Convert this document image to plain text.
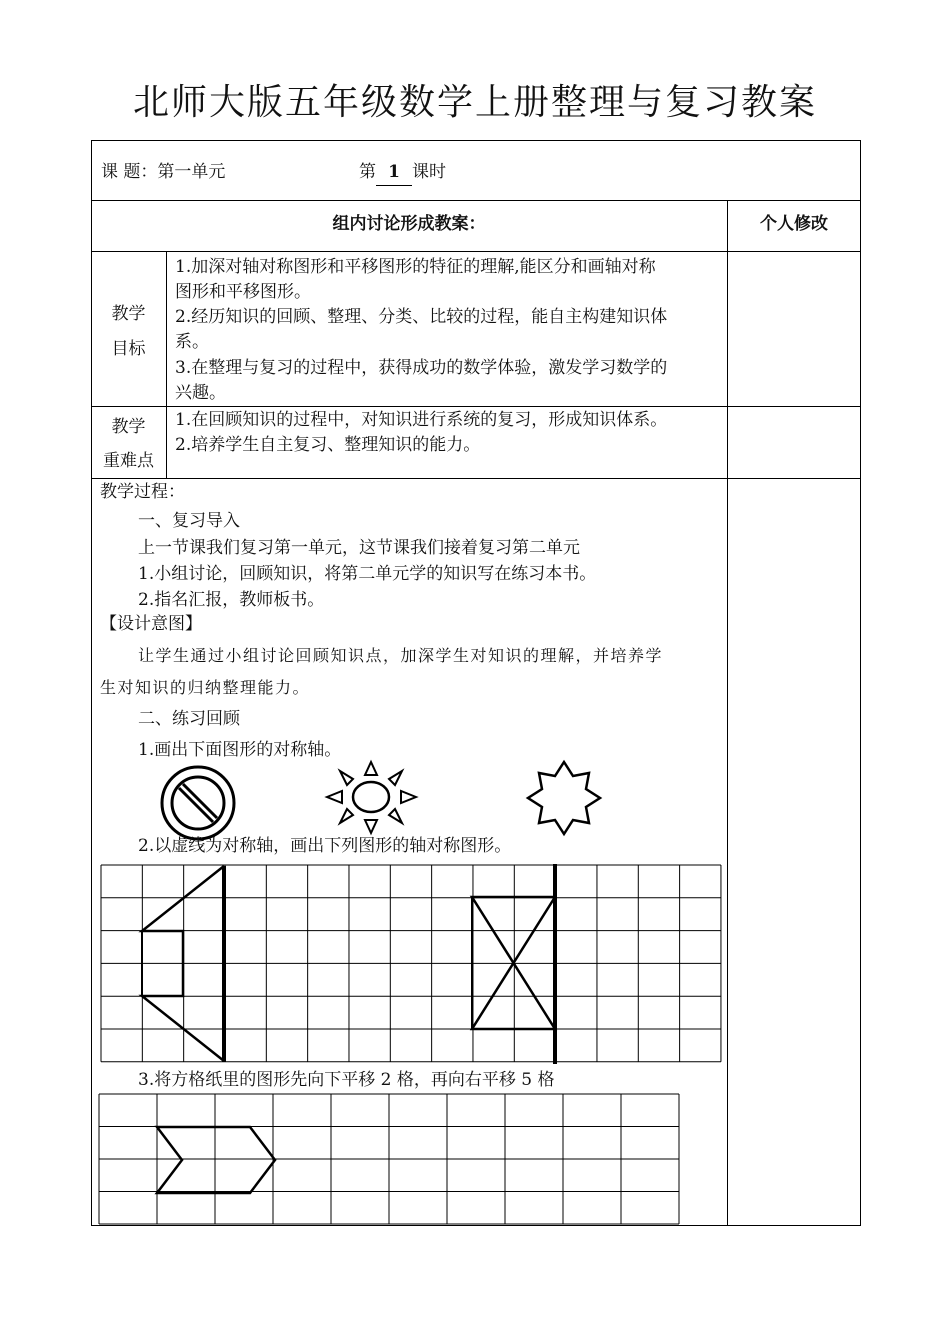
北师大版五年级数学上册整理与复习教案
课 题：第一单元	第 1 课时
组内讨论形成教案：	个人修改
教学
目标
1.加深对轴对称图形和平移图形的特征的理解,能区分和画轴对称
图形和平移图形。
2.经历知识的回顾、整理、分类、比较的过程，能自主构建知识体
系。
3.在整理与复习的过程中，获得成功的数学体验，激发学习数学的
兴趣。
教学
重难点
1.在回顾知识的过程中，对知识进行系统的复习，形成知识体系。
2.培养学生自主复习、整理知识的能力。
教学过程：
一、复习导入
上一节课我们复习第一单元，这节课我们接着复习第二单元
1.小组讨论，回顾知识，将第二单元学的知识写在练习本书。
2.指名汇报，教师板书。
【设计意图】
让学生通过小组讨论回顾知识点，加深学生对知识的理解，并培养学
生对知识的归纳整理能力。
二、练习回顾
1.画出下面图形的对称轴。
2.以虚线为对称轴，画出下列图形的轴对称图形。
3.将方格纸里的图形先向下平移 2 格，再向右平移 5 格
